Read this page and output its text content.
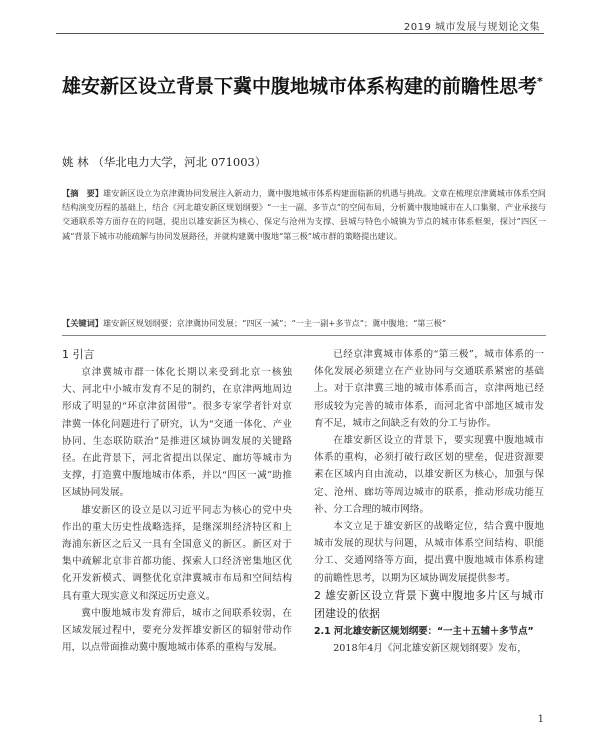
2019 城市发展与规划论文集
雄安新区设立背景下冀中腹地城市体系构建的前瞻性思考*
姚 林 （华北电力大学，河北 071003）
【摘　要】雄安新区设立为京津冀协同发展注入新动力，冀中腹地城市体系构建面临新的机遇与挑战。文章在梳理京津冀城市体系空间结构演变历程的基础上，结合《河北雄安新区规划纲要》“一主一副、多节点”的空间布局，分析冀中腹地城市在人口集聚、产业承接与交通联系等方面存在的问题，提出以雄安新区为核心、保定与沧州为支撑、县城与特色小城镇为节点的城市体系框架，探讨“四区一减”背景下城市功能疏解与协同发展路径，并就构建冀中腹地“第三极”城市群的策略提出建议。
【关键词】雄安新区规划纲要；京津冀协同发展；“四区一减”；“一主一副+多节点”；冀中腹地；“第三极”

1 引言

京津冀城市群一体化长期以来受到北京一核独大、河北中小城市发育不足的制约，在京津两地周边形成了明显的“环京津贫困带”。很多专家学者针对京津冀一体化问题进行了研究，认为“交通一体化、产业协同、生态联防联治”是推进区域协调发展的关键路径。在此背景下，河北省提出以保定、廊坊等城市为支撑，打造冀中腹地城市体系，并以“四区一减”助推区域协同发展。

雄安新区的设立是以习近平同志为核心的党中央作出的重大历史性战略选择，是继深圳经济特区和上海浦东新区之后又一具有全国意义的新区。新区对于集中疏解北京非首都功能、探索人口经济密集地区优化开发新模式、调整优化京津冀城市布局和空间结构具有重大现实意义和深远历史意义。

冀中腹地城市发育滞后，城市之间联系较弱，在区域发展过程中，要充分发挥雄安新区的辐射带动作用，以点带面推动冀中腹地城市体系的重构与发展。

已经京津冀城市体系的“第三极”，城市体系的一体化发展必须建立在产业协同与交通联系紧密的基础上。对于京津冀三地的城市体系而言，京津两地已经形成较为完善的城市体系，而河北省中部地区城市发育不足，城市之间缺乏有效的分工与协作。

在雄安新区设立的背景下，要实现冀中腹地城市体系的重构，必须打破行政区划的壁垒，促进资源要素在区域内自由流动，以雄安新区为核心，加强与保定、沧州、廊坊等周边城市的联系，推动形成功能互补、分工合理的城市网络。

本文立足于雄安新区的战略定位，结合冀中腹地城市发展的现状与问题，从城市体系空间结构、职能分工、交通网络等方面，提出冀中腹地城市体系构建的前瞻性思考，以期为区域协调发展提供参考。

2 雄安新区设立背景下冀中腹地多片区与城市团建设的依据

2.1 河北雄安新区规划纲要：“一主＋五辅＋多节点”

2018年4月《河北雄安新区规划纲要》发布，

1
